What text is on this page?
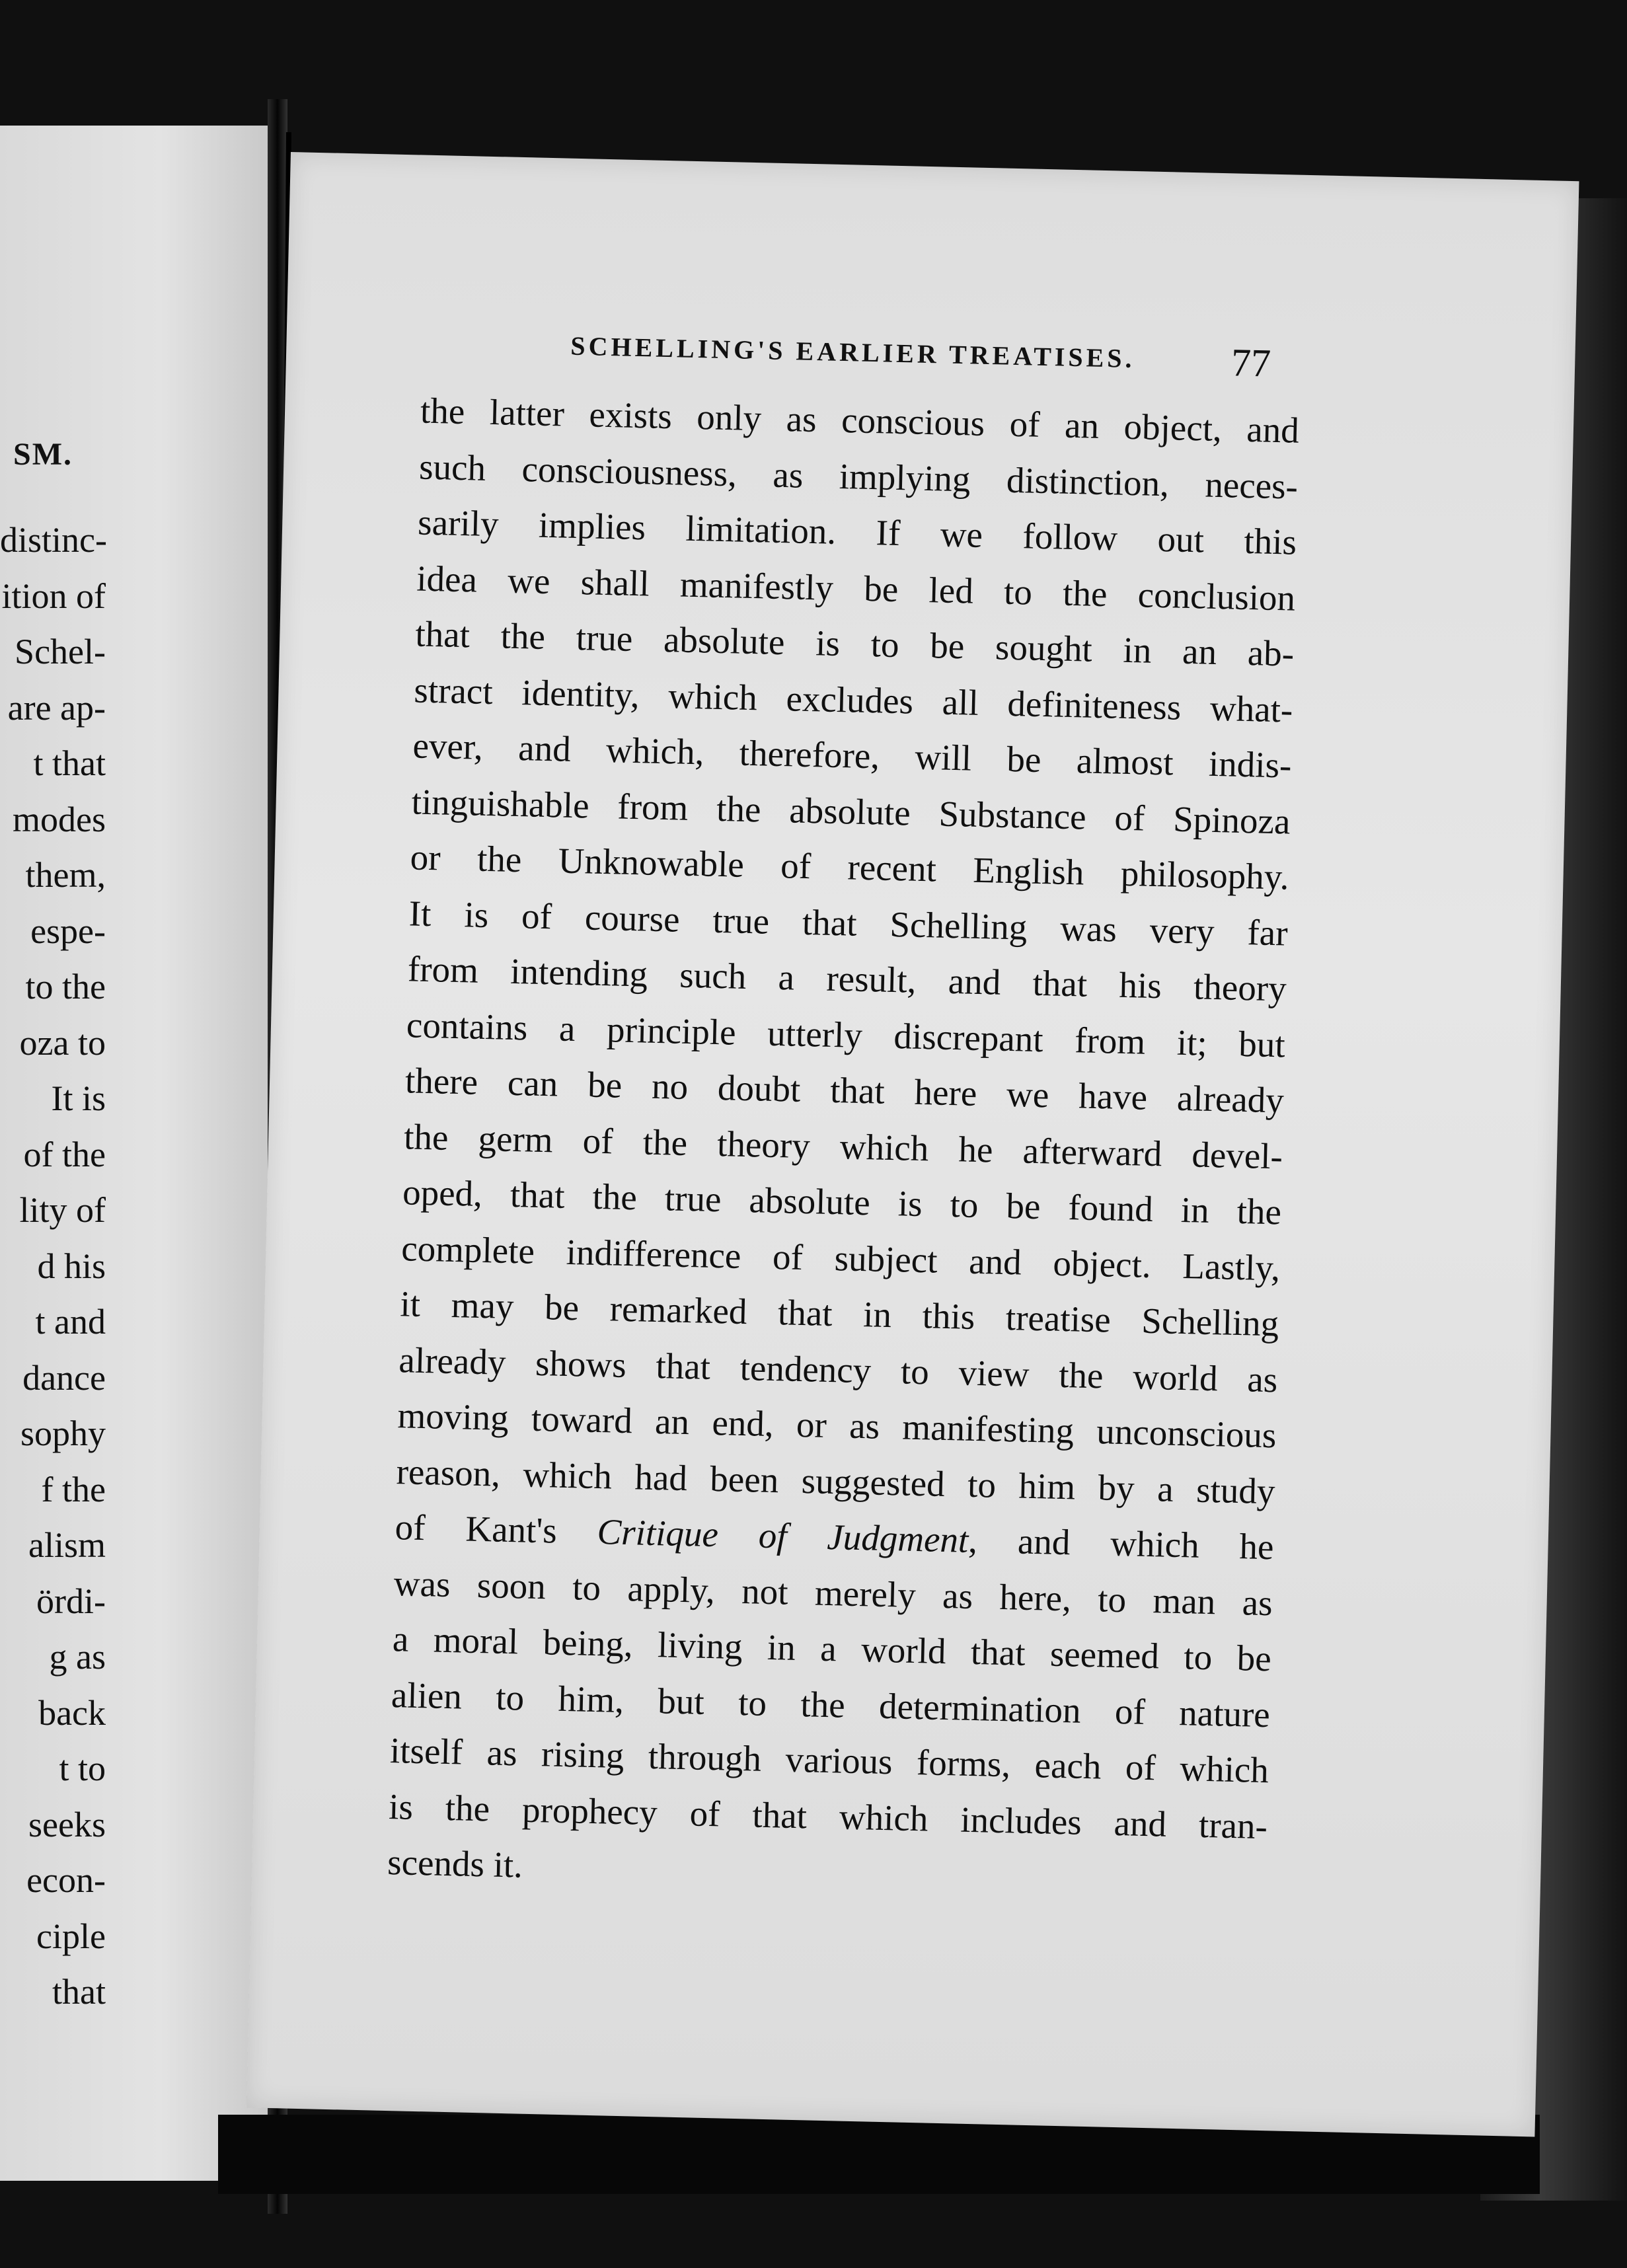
SM.
distinc-
ition of
Schel-
are ap-
t that
modes
them,
espe-
to the
oza to
It is
of the
lity of
d his
t and
dance
sophy
f the
alism
ördi-
g as
back
t to
seeks
econ-
ciple
that
SCHELLING'S EARLIER TREATISES.	77
the latter exists only as conscious of an object, and
such consciousness, as implying distinction, neces-
sarily implies limitation. If we follow out this
idea we shall manifestly be led to the conclusion
that the true absolute is to be sought in an ab-
stract identity, which excludes all definiteness what-
ever, and which, therefore, will be almost indis-
tinguishable from the absolute Substance of Spinoza
or the Unknowable of recent English philosophy.
It is of course true that Schelling was very far
from intending such a result, and that his theory
contains a principle utterly discrepant from it; but
there can be no doubt that here we have already
the germ of the theory which he afterward devel-
oped, that the true absolute is to be found in the
complete indifference of subject and object. Lastly,
it may be remarked that in this treatise Schelling
already shows that tendency to view the world as
moving toward an end, or as manifesting unconscious
reason, which had been suggested to him by a study
of Kant's Critique of Judgment, and which he
was soon to apply, not merely as here, to man as
a moral being, living in a world that seemed to be
alien to him, but to the determination of nature
itself as rising through various forms, each of which
is the prophecy of that which includes and tran-
scends it.
